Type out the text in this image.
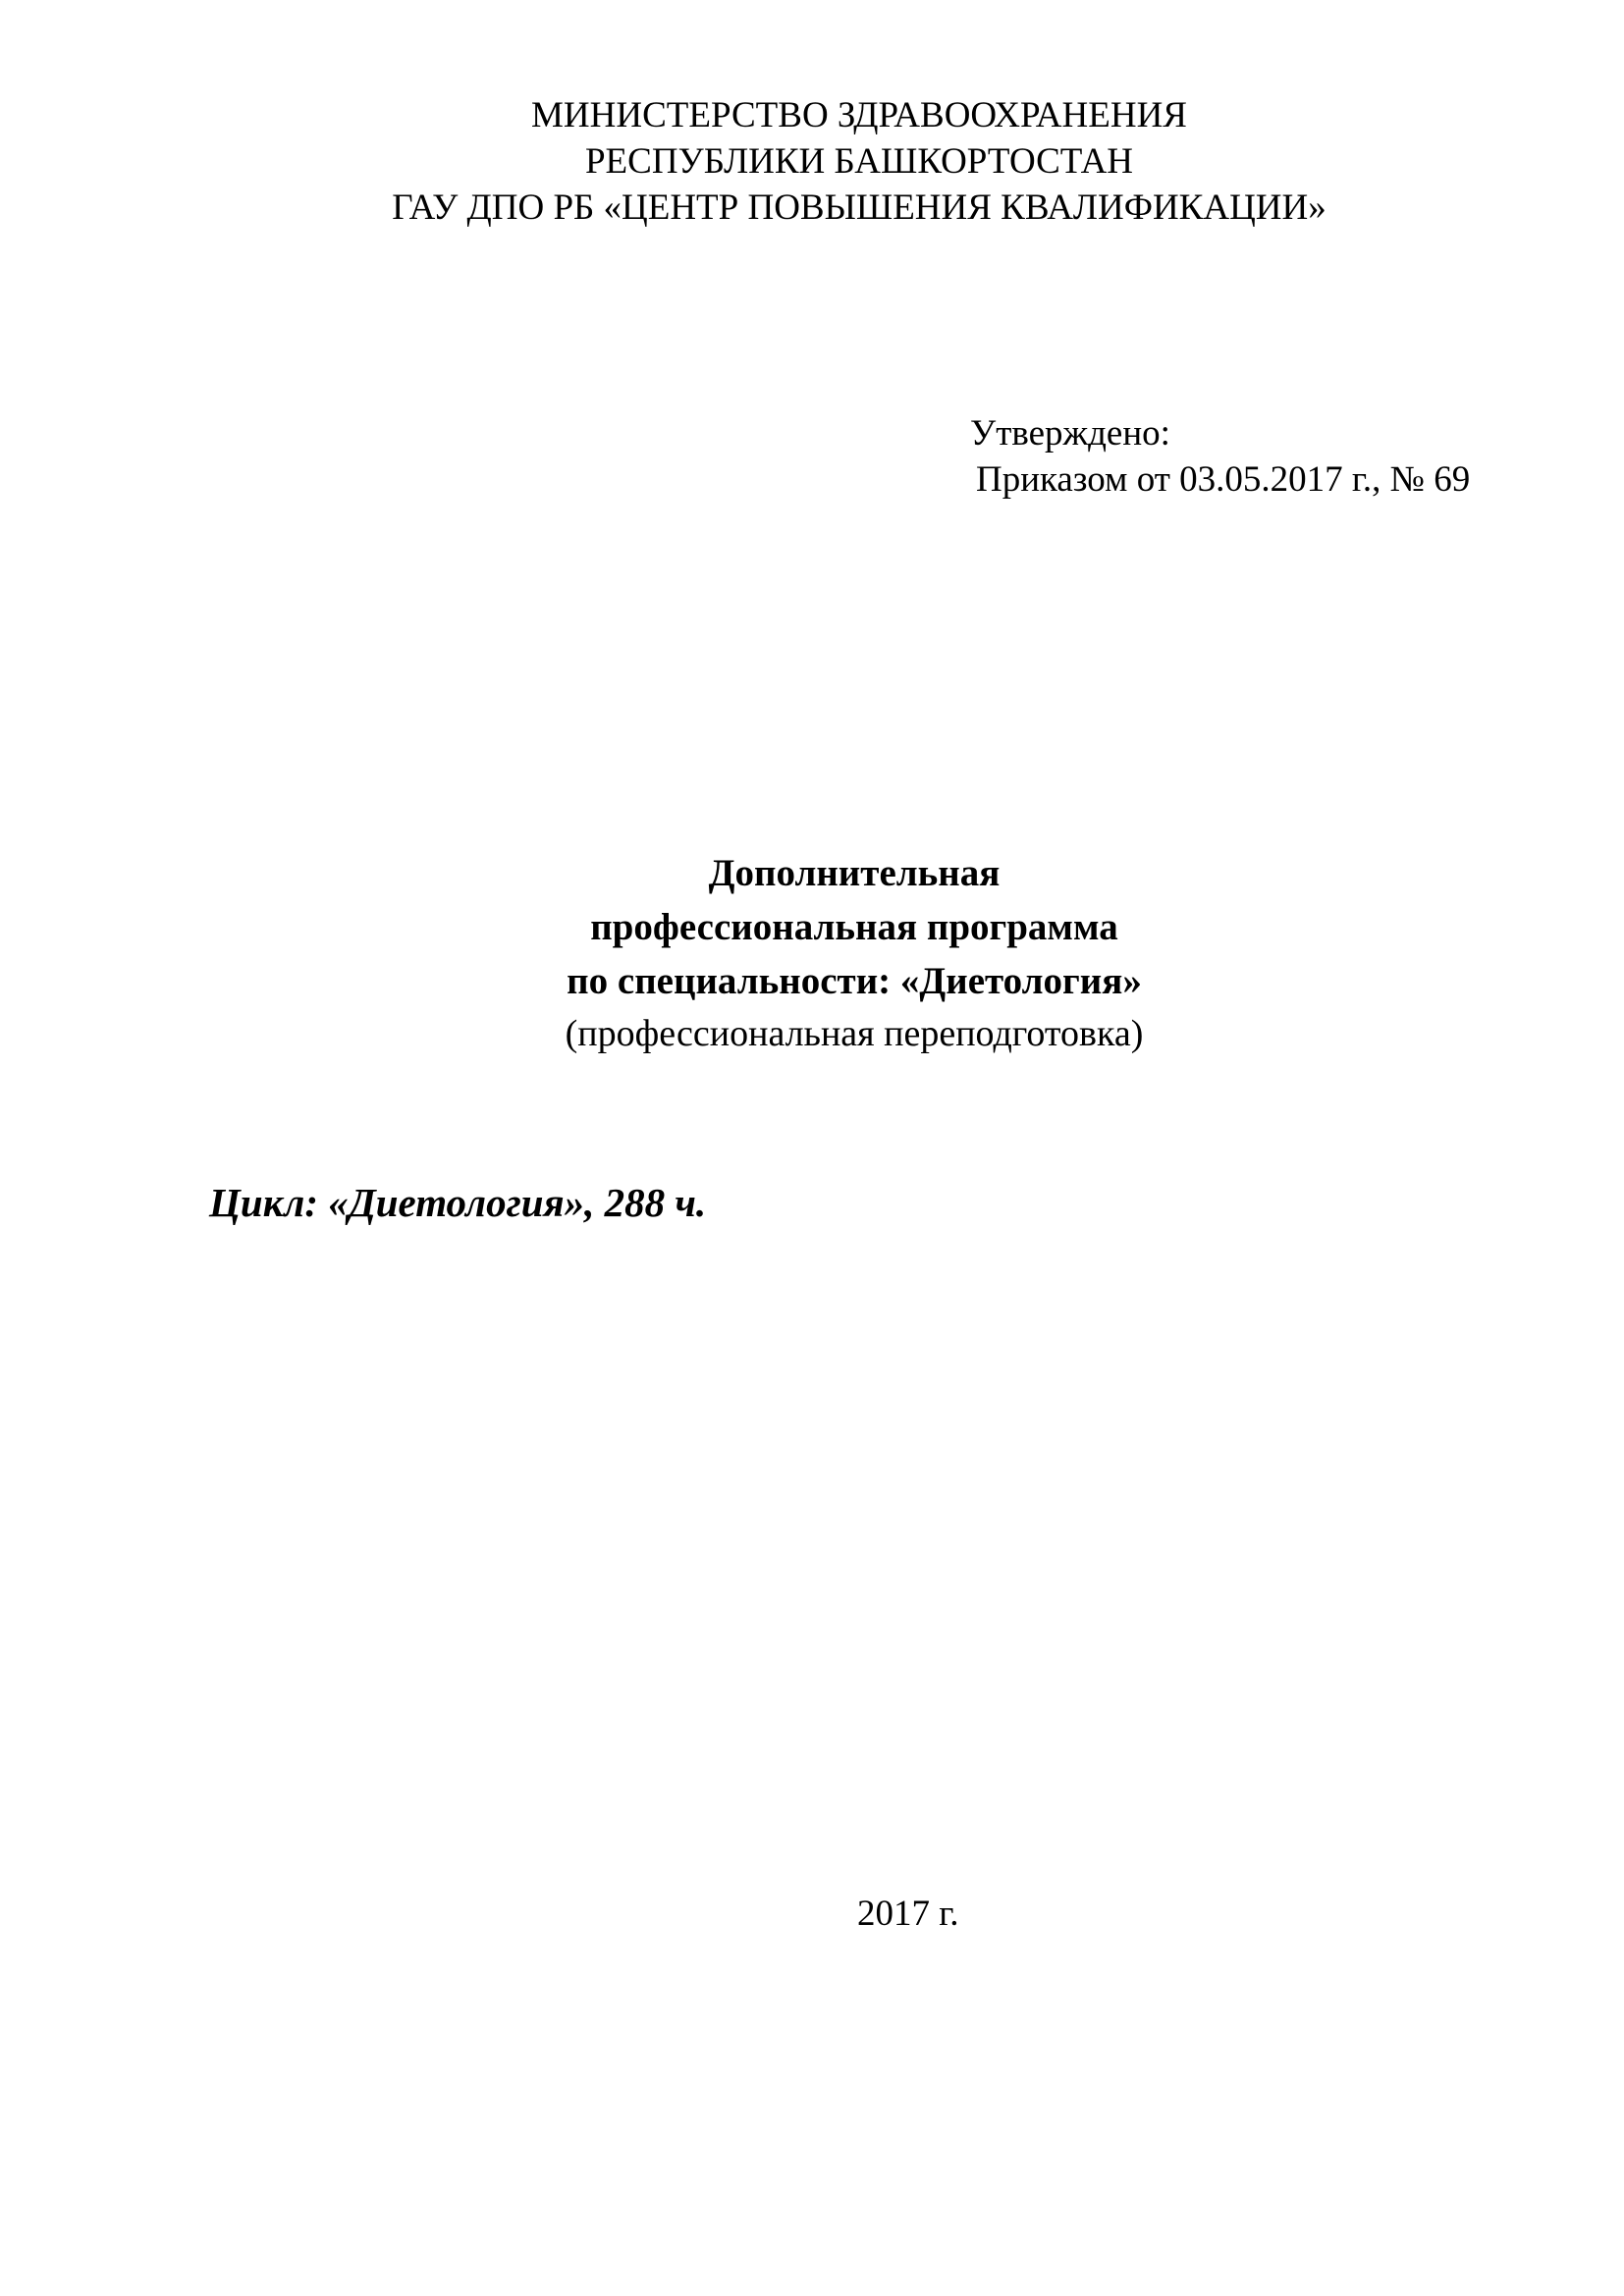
МИНИСТЕРСТВО ЗДРАВООХРАНЕНИЯ
РЕСПУБЛИКИ БАШКОРТОСТАН
ГАУ ДПО РБ «ЦЕНТР ПОВЫШЕНИЯ КВАЛИФИКАЦИИ»
Утверждено:
Приказом от 03.05.2017 г., № 69
Дополнительная
профессиональная программа
по специальности: «Диетология»
(профессиональная переподготовка)
Цикл: «Диетология», 288 ч.
2017 г.
